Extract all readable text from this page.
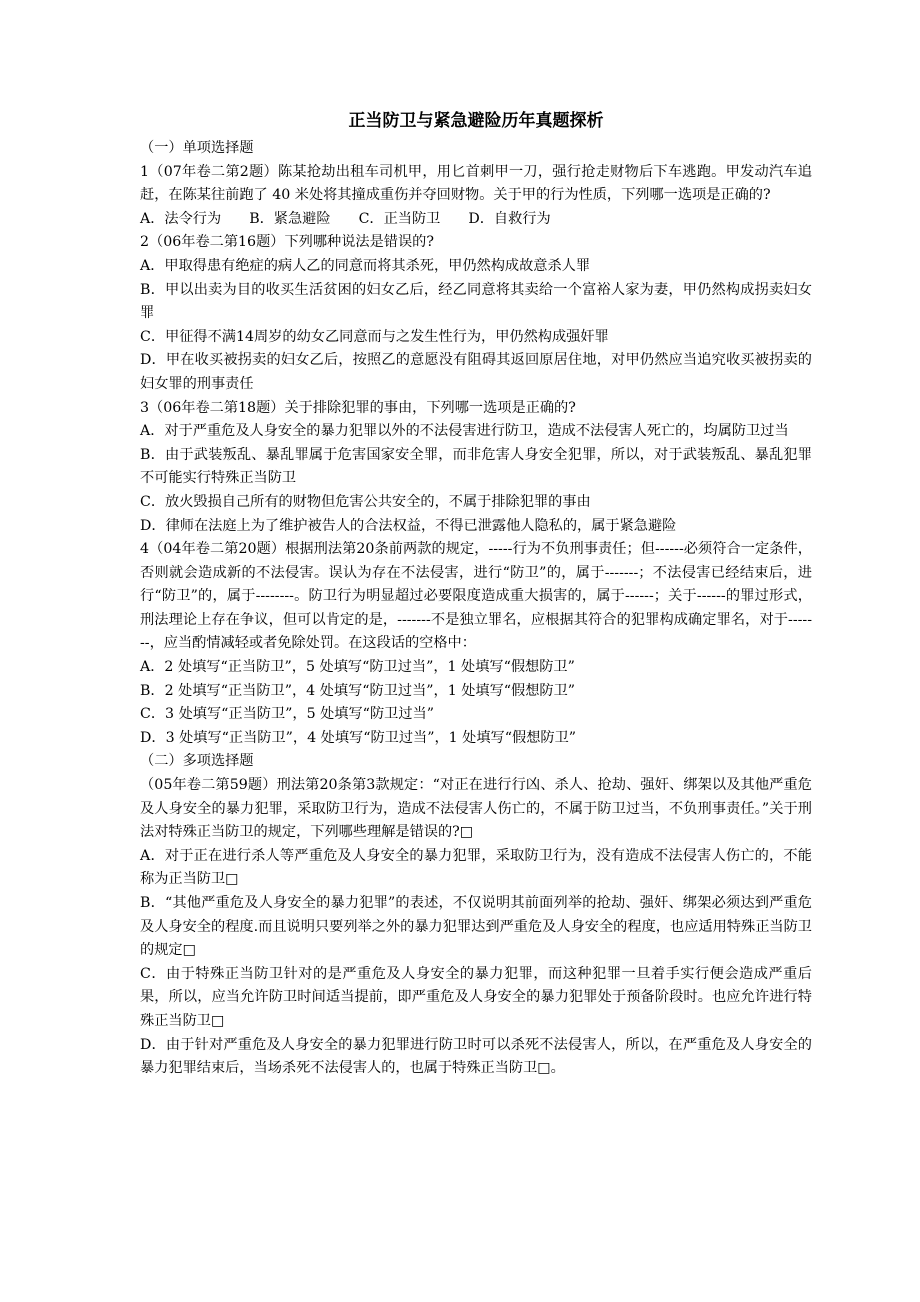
正当防卫与紧急避险历年真题探析

（一）单项选择题

1（07年卷二第2题）陈某抢劫出租车司机甲，用匕首刺甲一刀，强行抢走财物后下车逃跑。甲发动汽车追赶，在陈某往前跑了 40 米处将其撞成重伤并夺回财物。关于甲的行为性质，下列哪一选项是正确的?

A．法令行为 B．紧急避险 C．正当防卫 D．自救行为

2（06年卷二第16题）下列哪种说法是错误的?

A．甲取得患有绝症的病人乙的同意而将其杀死，甲仍然构成故意杀人罪

B．甲以出卖为目的收买生活贫困的妇女乙后，经乙同意将其卖给一个富裕人家为妻，甲仍然构成拐卖妇女罪

C．甲征得不满14周岁的幼女乙同意而与之发生性行为，甲仍然构成强奸罪

D．甲在收买被拐卖的妇女乙后，按照乙的意愿没有阻碍其返回原居住地，对甲仍然应当追究收买被拐卖的妇女罪的刑事责任

3（06年卷二第18题）关于排除犯罪的事由，下列哪一选项是正确的?

A．对于严重危及人身安全的暴力犯罪以外的不法侵害进行防卫，造成不法侵害人死亡的，均属防卫过当

B．由于武装叛乱、暴乱罪属于危害国家安全罪，而非危害人身安全犯罪，所以，对于武装叛乱、暴乱犯罪不可能实行特殊正当防卫

C．放火毁损自己所有的财物但危害公共安全的，不属于排除犯罪的事由

D．律师在法庭上为了维护被告人的合法权益，不得已泄露他人隐私的，属于紧急避险

4（04年卷二第20题）根据刑法第20条前两款的规定，-----行为不负刑事责任；但------必须符合一定条件，否则就会造成新的不法侵害。误认为存在不法侵害，进行“防卫”的，属于-------；不法侵害已经结束后，进行“防卫”的，属于--------。防卫行为明显超过必要限度造成重大损害的，属于------；关于------的罪过形式，刑法理论上存在争议，但可以肯定的是，-------不是独立罪名，应根据其符合的犯罪构成确定罪名，对于-------，应当酌情减轻或者免除处罚。在这段话的空格中：

A．2 处填写“正当防卫”，5 处填写“防卫过当”，1 处填写“假想防卫”

B．2 处填写“正当防卫”，4 处填写“防卫过当”，1 处填写“假想防卫”

C．3 处填写“正当防卫”，5 处填写“防卫过当”

D．3 处填写“正当防卫”，4 处填写“防卫过当”，1 处填写“假想防卫”

（二）多项选择题

（05年卷二第59题）刑法第20条第3款规定：“对正在进行行凶、杀人、抢劫、强奸、绑架以及其他严重危及人身安全的暴力犯罪，采取防卫行为，造成不法侵害人伤亡的，不属于防卫过当，不负刑事责任。”关于刑法对特殊正当防卫的规定，下列哪些理解是错误的?□

A．对于正在进行杀人等严重危及人身安全的暴力犯罪，采取防卫行为，没有造成不法侵害人伤亡的，不能称为正当防卫□

B．“其他严重危及人身安全的暴力犯罪”的表述，不仅说明其前面列举的抢劫、强奸、绑架必须达到严重危及人身安全的程度.而且说明只要列举之外的暴力犯罪达到严重危及人身安全的程度，也应适用特殊正当防卫的规定□

C．由于特殊正当防卫针对的是严重危及人身安全的暴力犯罪，而这种犯罪一旦着手实行便会造成严重后果，所以，应当允许防卫时间适当提前，即严重危及人身安全的暴力犯罪处于预备阶段时。也应允许进行特殊正当防卫□

D．由于针对严重危及人身安全的暴力犯罪进行防卫时可以杀死不法侵害人，所以，在严重危及人身安全的暴力犯罪结束后，当场杀死不法侵害人的，也属于特殊正当防卫□。
